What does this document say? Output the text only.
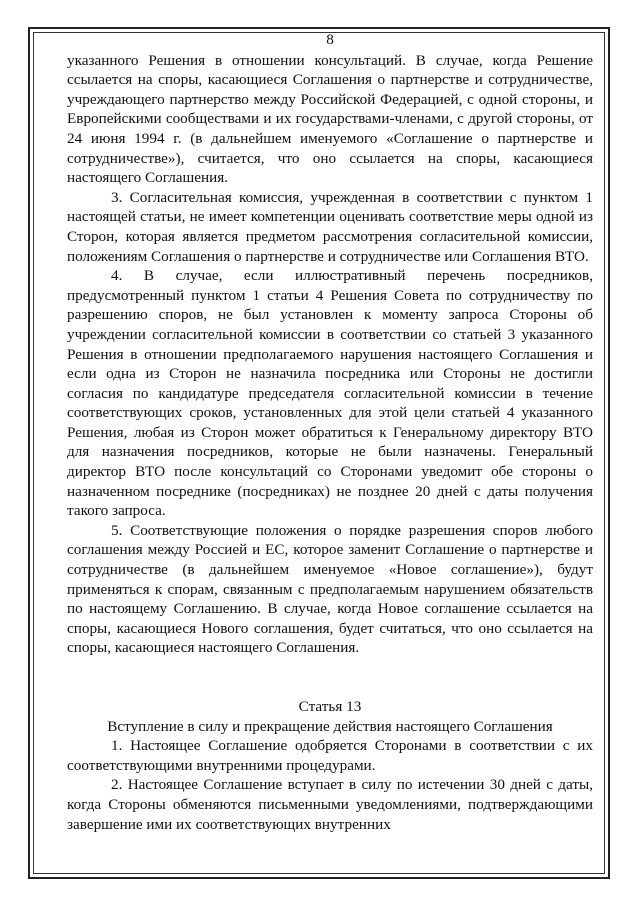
8

указанного Решения в отношении консультаций. В случае, когда Решение ссылается на споры, касающиеся Соглашения о партнерстве и сотрудничестве, учреждающего партнерство между Российской Федерацией, с одной стороны, и Европейскими сообществами и их государствами-членами, с другой стороны, от 24 июня 1994 г. (в дальнейшем именуемого «Соглашение о партнерстве и сотрудничестве»), считается, что оно ссылается на споры, касающиеся настоящего Соглашения.

3. Согласительная комиссия, учрежденная в соответствии с пунктом 1 настоящей статьи, не имеет компетенции оценивать соответствие меры одной из Сторон, которая является предметом рассмотрения согласительной комиссии, положениям Соглашения о партнерстве и сотрудничестве или Соглашения ВТО.

4. В случае, если иллюстративный перечень посредников, предусмотренный пунктом 1 статьи 4 Решения Совета по сотрудничеству по разрешению споров, не был установлен к моменту запроса Стороны об учреждении согласительной комиссии в соответствии со статьей 3 указанного Решения в отношении предполагаемого нарушения настоящего Соглашения и если одна из Сторон не назначила посредника или Стороны не достигли согласия по кандидатуре председателя согласительной комиссии в течение соответствующих сроков, установленных для этой цели статьей 4 указанного Решения, любая из Сторон может обратиться к Генеральному директору ВТО для назначения посредников, которые не были назначены. Генеральный директор ВТО после консультаций со Сторонами уведомит обе стороны о назначенном посреднике (посредниках) не позднее 20 дней с даты получения такого запроса.

5. Соответствующие положения о порядке разрешения споров любого соглашения между Россией и ЕС, которое заменит Соглашение о партнерстве и сотрудничестве (в дальнейшем именуемое «Новое соглашение»), будут применяться к спорам, связанным с предполагаемым нарушением обязательств по настоящему Соглашению. В случае, когда Новое соглашение ссылается на споры, касающиеся Нового соглашения, будет считаться, что оно ссылается на споры, касающиеся настоящего Соглашения.

Статья 13

Вступление в силу и прекращение действия настоящего Соглашения

1. Настоящее Соглашение одобряется Сторонами в соответствии с их соответствующими внутренними процедурами.

2. Настоящее Соглашение вступает в силу по истечении 30 дней с даты, когда Стороны обменяются письменными уведомлениями, подтверждающими завершение ими их соответствующих внутренних
